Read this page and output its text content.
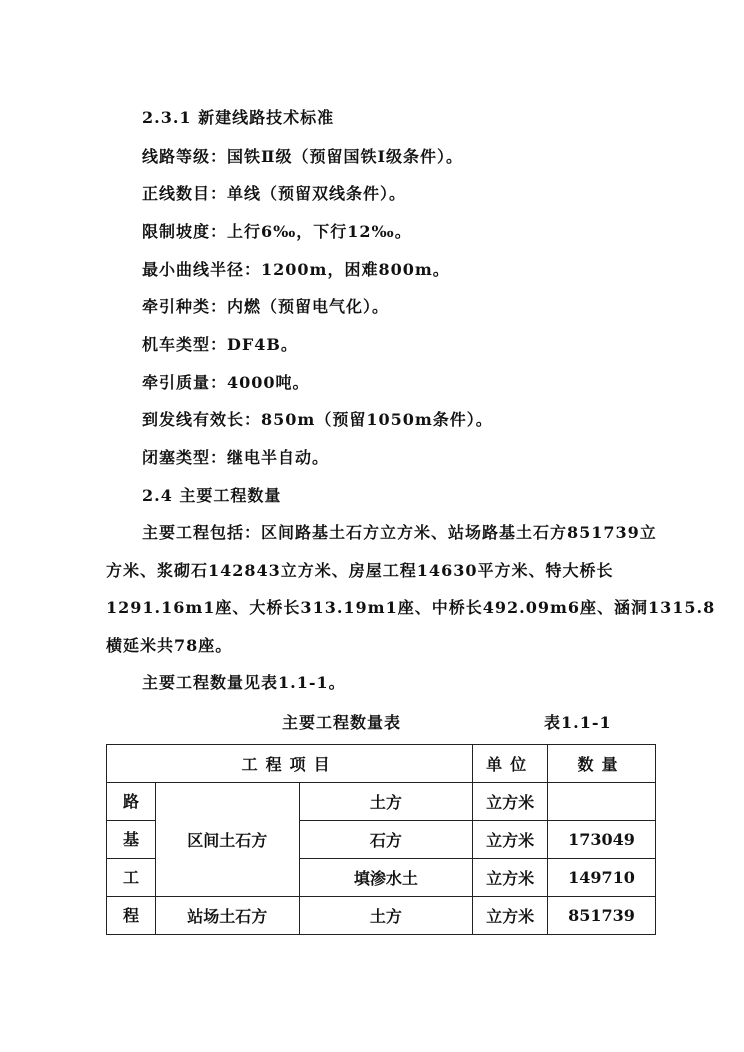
2.3.1 新建线路技术标准
线路等级：国铁Ⅱ级（预留国铁Ⅰ级条件）。
正线数目：单线（预留双线条件）。
限制坡度：上行6‰，下行12‰。
最小曲线半径：1200m，困难800m。
牵引种类：内燃（预留电气化）。
机车类型：DF4B。
牵引质量：4000吨。
到发线有效长：850m（预留1050m条件）。
闭塞类型：继电半自动。
2.4 主要工程数量
主要工程包括：区间路基土石方立方米、站场路基土石方851739立
方米、浆砌石142843立方米、房屋工程14630平方米、特大桥长
1291.16m1座、大桥长313.19m1座、中桥长492.09m6座、涵洞1315.8
横延米共78座。
主要工程数量见表1.1-1。
主要工程数量表	表1.1-1
工程项目			单位	数量
路	区间土石方	土方	立方米	
基		石方	立方米	173049
工		填渗水土	立方米	149710
程	站场土石方	土方	立方米	851739
